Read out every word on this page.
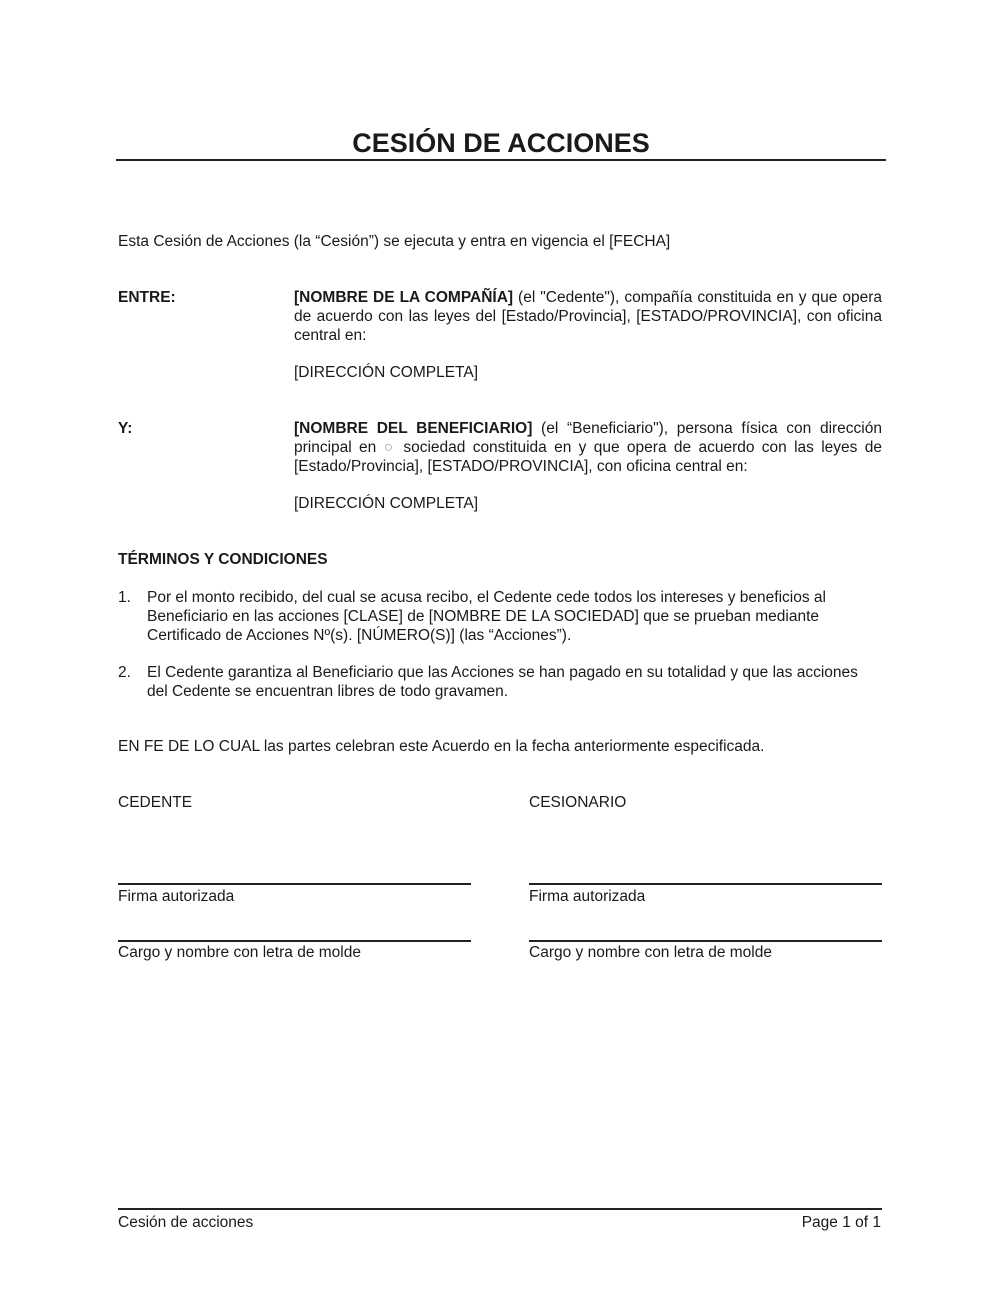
CESIÓN DE ACCIONES
Esta Cesión de Acciones (la “Cesión”) se ejecuta y entra en vigencia el [FECHA]
ENTRE:	[NOMBRE DE LA COMPAÑÍA] (el "Cedente"), compañía constituida en y que opera de acuerdo con las leyes del [Estado/Provincia], [ESTADO/PROVINCIA], con oficina central en:
[DIRECCIÓN COMPLETA]
Y:	[NOMBRE DEL BENEFICIARIO] (el “Beneficiario"), persona física con dirección principal en ○ sociedad constituida en y que opera de acuerdo con las leyes de [Estado/Provincia], [ESTADO/PROVINCIA], con oficina central en:
[DIRECCIÓN COMPLETA]
TÉRMINOS Y CONDICIONES
1. Por el monto recibido, del cual se acusa recibo, el Cedente cede todos los intereses y beneficios al Beneficiario en las acciones [CLASE] de [NOMBRE DE LA SOCIEDAD] que se prueban mediante Certificado de Acciones Nº(s). [NÚMERO(S)] (las “Acciones”).
2. El Cedente garantiza al Beneficiario que las Acciones se han pagado en su totalidad y que las acciones del Cedente se encuentran libres de todo gravamen.
EN FE DE LO CUAL las partes celebran este Acuerdo en la fecha anteriormente especificada.
CEDENTE
Firma autorizada
Cargo y nombre con letra de molde
CESIONARIO
Firma autorizada
Cargo y nombre con letra de molde
Cesión de acciones	Page 1 of 1
